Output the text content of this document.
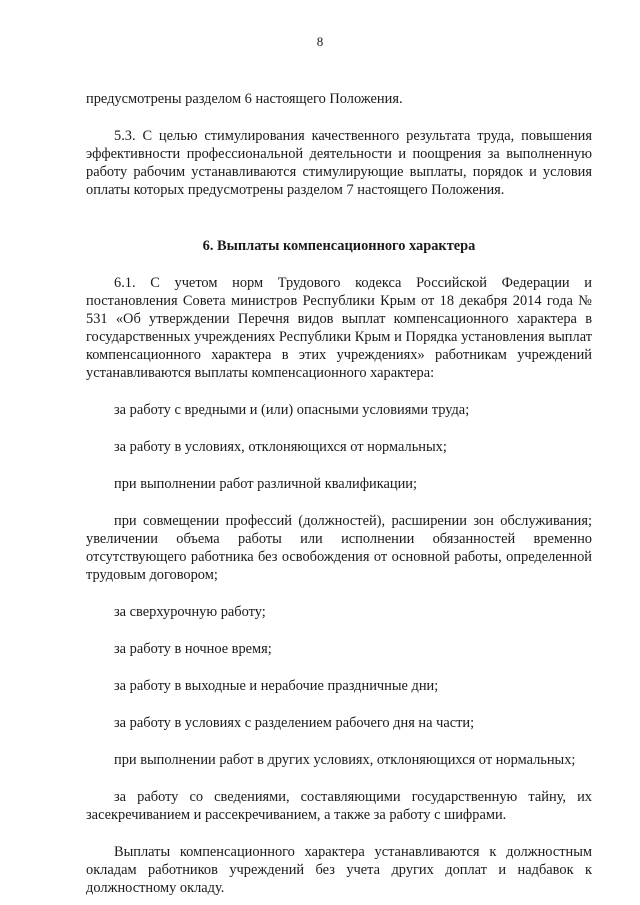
8

предусмотрены разделом 6 настоящего Положения.

5.3. С целью стимулирования качественного результата труда, повышения эффективности профессиональной деятельности и поощрения за выполненную работу рабочим устанавливаются стимулирующие выплаты, порядок и условия оплаты которых предусмотрены разделом 7 настоящего Положения.

6. Выплаты компенсационного характера

6.1. С учетом норм Трудового кодекса Российской Федерации и постановления Совета министров Республики Крым от 18 декабря 2014 года № 531 «Об утверждении Перечня видов выплат компенсационного характера в государственных учреждениях Республики Крым и Порядка установления выплат компенсационного характера в этих учреждениях» работникам учреждений устанавливаются выплаты компенсационного характера:

за работу с вредными и (или) опасными условиями труда;

за работу в условиях, отклоняющихся от нормальных;

при выполнении работ различной квалификации;

при совмещении профессий (должностей), расширении зон обслуживания; увеличении объема работы или исполнении обязанностей временно отсутствующего работника без освобождения от основной работы, определенной трудовым договором;

за сверхурочную работу;

за работу в ночное время;

за работу в выходные и нерабочие праздничные дни;

за работу в условиях с разделением рабочего дня на части;

при выполнении работ в других условиях, отклоняющихся от нормальных;

за работу со сведениями, составляющими государственную тайну, их засекречиванием и рассекречиванием, а также за работу с шифрами.

Выплаты компенсационного характера устанавливаются к должностным окладам работников учреждений без учета других доплат и надбавок к должностному окладу.
